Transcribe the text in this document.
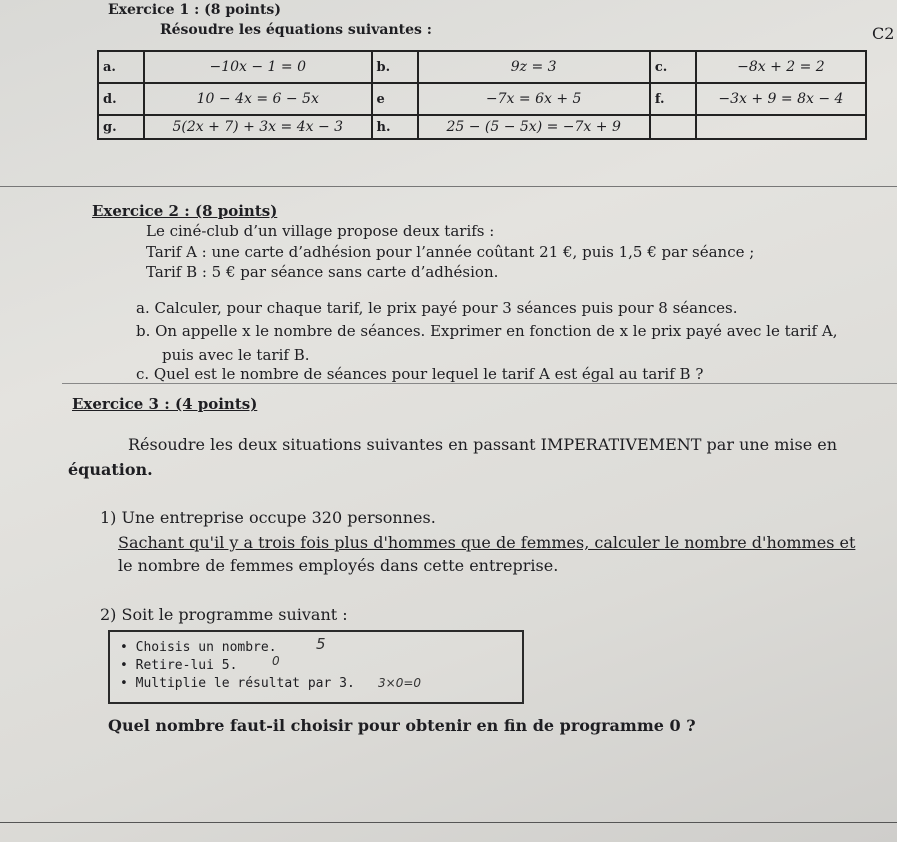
Exercice 1 : (8 points)
Résoudre les équations suivantes :	C2
a.	−10x − 1 = 0	b.	9z = 3	c.	−8x + 2 = 2
d.	10 − 4x = 6 − 5x	e	−7x = 6x + 5	f.	−3x + 9 = 8x − 4
g.	5(2x + 7) + 3x = 4x − 3	h.	25 − (5 − 5x) = −7x + 9		
Exercice 2 : (8 points)
Le ciné-club d’un village propose deux tarifs :
Tarif A : une carte d’adhésion pour l’année coûtant 21 €, puis 1,5 € par séance ;
Tarif B : 5 € par séance sans carte d’adhésion.
a. Calculer, pour chaque tarif, le prix payé pour 3 séances puis pour 8 séances.
b. On appelle x le nombre de séances. Exprimer en fonction de x le prix payé avec le tarif A,
puis avec le tarif B.
c. Quel est le nombre de séances pour lequel le tarif A est égal au tarif B ?
Exercice 3 : (4 points)
Résoudre les deux situations suivantes en passant IMPERATIVEMENT par une mise en
équation.
1) Une entreprise occupe 320 personnes.
Sachant qu'il y a trois fois plus d'hommes que de femmes, calculer le nombre d'hommes et
le nombre de femmes employés dans cette entreprise.
2) Soit le programme suivant :
• Choisis un nombre.
• Retire-lui 5.
• Multiplie le résultat par 3.
5
0
3×0=0
Quel nombre faut-il choisir pour obtenir en fin de programme 0 ?
